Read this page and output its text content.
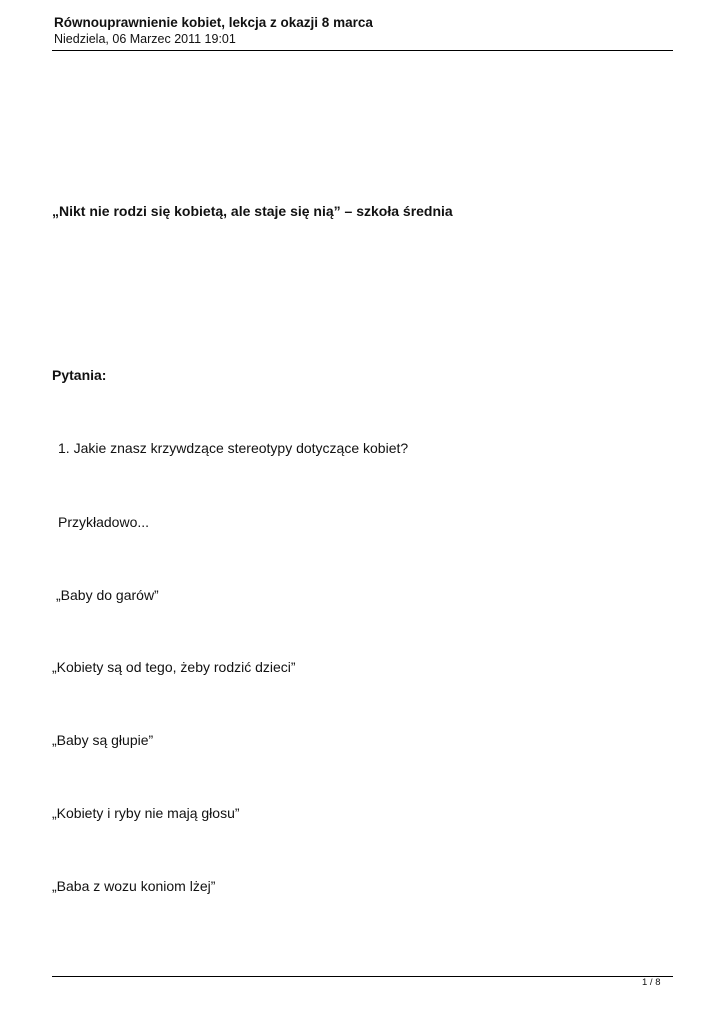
Równouprawnienie kobiet, lekcja z okazji 8 marca
Niedziela, 06 Marzec 2011 19:01
„Nikt nie rodzi się kobietą, ale staje się nią” – szkoła średnia
Pytania:
1. Jakie znasz krzywdzące stereotypy dotyczące kobiet?
Przykładowo...
„Baby do garów”
„Kobiety są od tego, żeby rodzić dzieci”
„Baby są głupie”
„Kobiety i ryby nie mają głosu”
„Baba z wozu koniom lżej”
1 / 8
